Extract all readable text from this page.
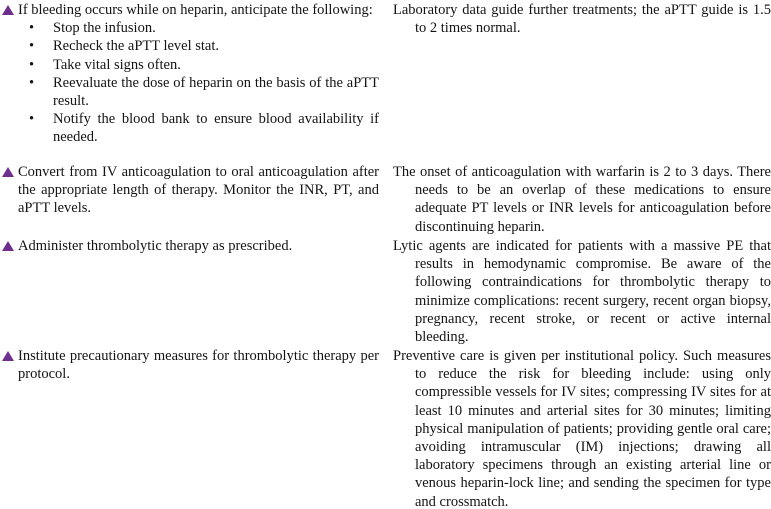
If bleeding occurs while on heparin, anticipate the following:

• Stop the infusion.
• Recheck the aPTT level stat.
• Take vital signs often.
• Reevaluate the dose of heparin on the basis of the aPTT result.
• Notify the blood bank to ensure blood availability if needed.

Laboratory data guide further treatments; the aPTT guide is 1.5 to 2 times normal.

Convert from IV anticoagulation to oral anticoagulation after the appropriate length of therapy. Monitor the INR, PT, and aPTT levels.

The onset of anticoagulation with warfarin is 2 to 3 days. There needs to be an overlap of these medications to ensure adequate PT levels or INR levels for anticoagulation before discontinuing heparin.

Administer thrombolytic therapy as prescribed.	Lytic agents are indicated for patients with a massive PE that results in hemodynamic compromise. Be aware of the following contraindications for thrombolytic therapy to minimize complications: recent surgery, recent organ biopsy, pregnancy, recent stroke, or recent or active internal bleeding.

Institute precautionary measures for thrombolytic therapy per protocol.

Preventive care is given per institutional policy. Such measures to reduce the risk for bleeding include: using only compressible vessels for IV sites; compressing IV sites for at least 10 minutes and arterial sites for 30 minutes; limiting physical manipulation of patients; providing gentle oral care; avoiding intramuscular (IM) injections; drawing all laboratory specimens through an existing arterial line or venous heparin-lock line; and sending the specimen for type and crossmatch.
